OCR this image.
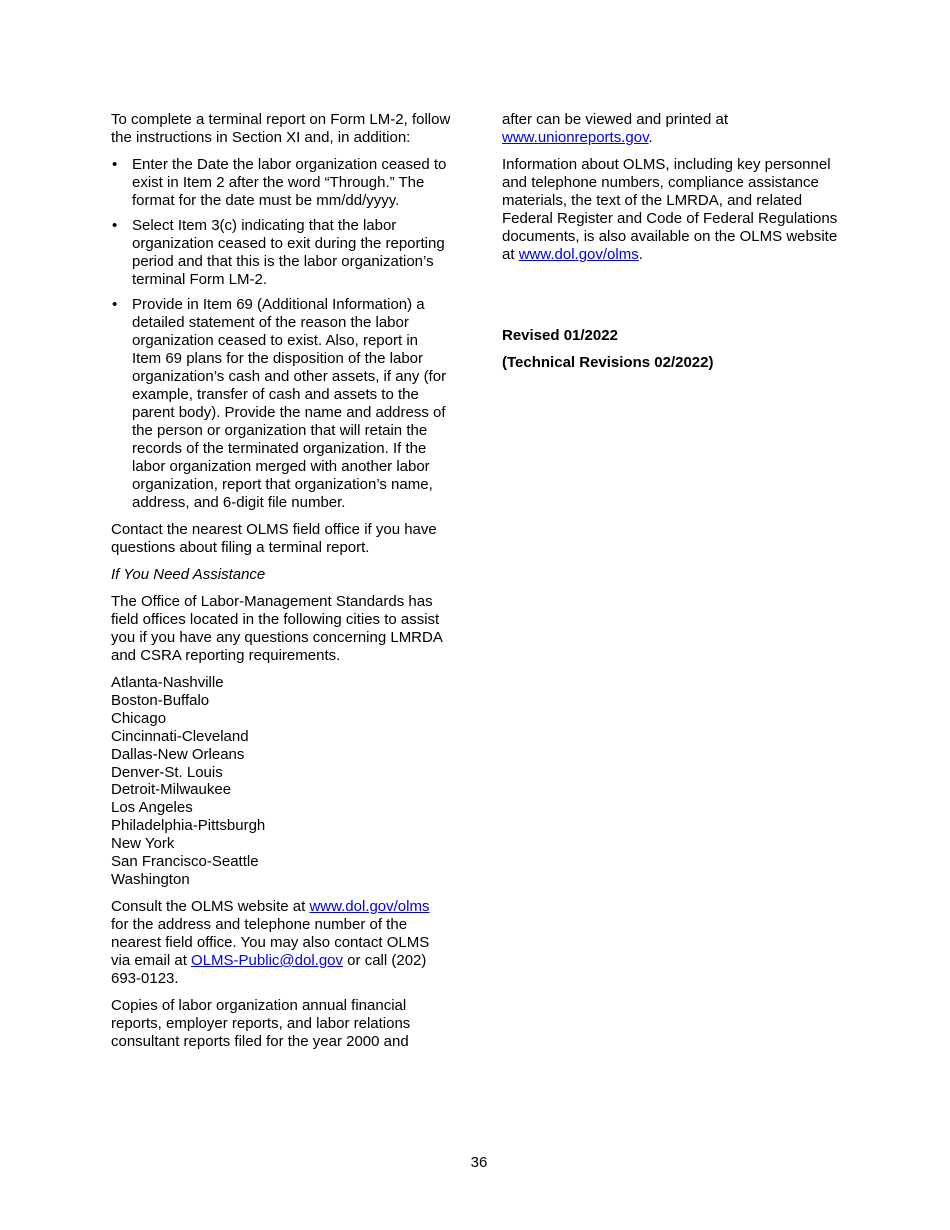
To complete a terminal report on Form LM-2, follow the instructions in Section XI and, in addition:

• Enter the Date the labor organization ceased to exist in Item 2 after the word “Through.” The format for the date must be mm/dd/yyyy.
• Select Item 3(c) indicating that the labor organization ceased to exit during the reporting period and that this is the labor organization’s terminal Form LM-2.
• Provide in Item 69 (Additional Information) a detailed statement of the reason the labor organization ceased to exist. Also, report in Item 69 plans for the disposition of the labor organization’s cash and other assets, if any (for example, transfer of cash and assets to the parent body). Provide the name and address of the person or organization that will retain the records of the terminated organization. If the labor organization merged with another labor organization, report that organization’s name, address, and 6-digit file number.

Contact the nearest OLMS field office if you have questions about filing a terminal report.

If You Need Assistance

The Office of Labor-Management Standards has field offices located in the following cities to assist you if you have any questions concerning LMRDA and CSRA reporting requirements.

Atlanta-Nashville
Boston-Buffalo
Chicago
Cincinnati-Cleveland
Dallas-New Orleans
Denver-St. Louis
Detroit-Milwaukee
Los Angeles
Philadelphia-Pittsburgh
New York
San Francisco-Seattle
Washington

Consult the OLMS website at www.dol.gov/olms for the address and telephone number of the nearest field office. You may also contact OLMS via email at OLMS-Public@dol.gov or call (202) 693-0123.

Copies of labor organization annual financial reports, employer reports, and labor relations consultant reports filed for the year 2000 and

after can be viewed and printed at
www.unionreports.gov.

Information about OLMS, including key personnel and telephone numbers, compliance assistance materials, the text of the LMRDA, and related Federal Register and Code of Federal Regulations documents, is also available on the OLMS website at www.dol.gov/olms.

Revised 01/2022

(Technical Revisions 02/2022)

36
